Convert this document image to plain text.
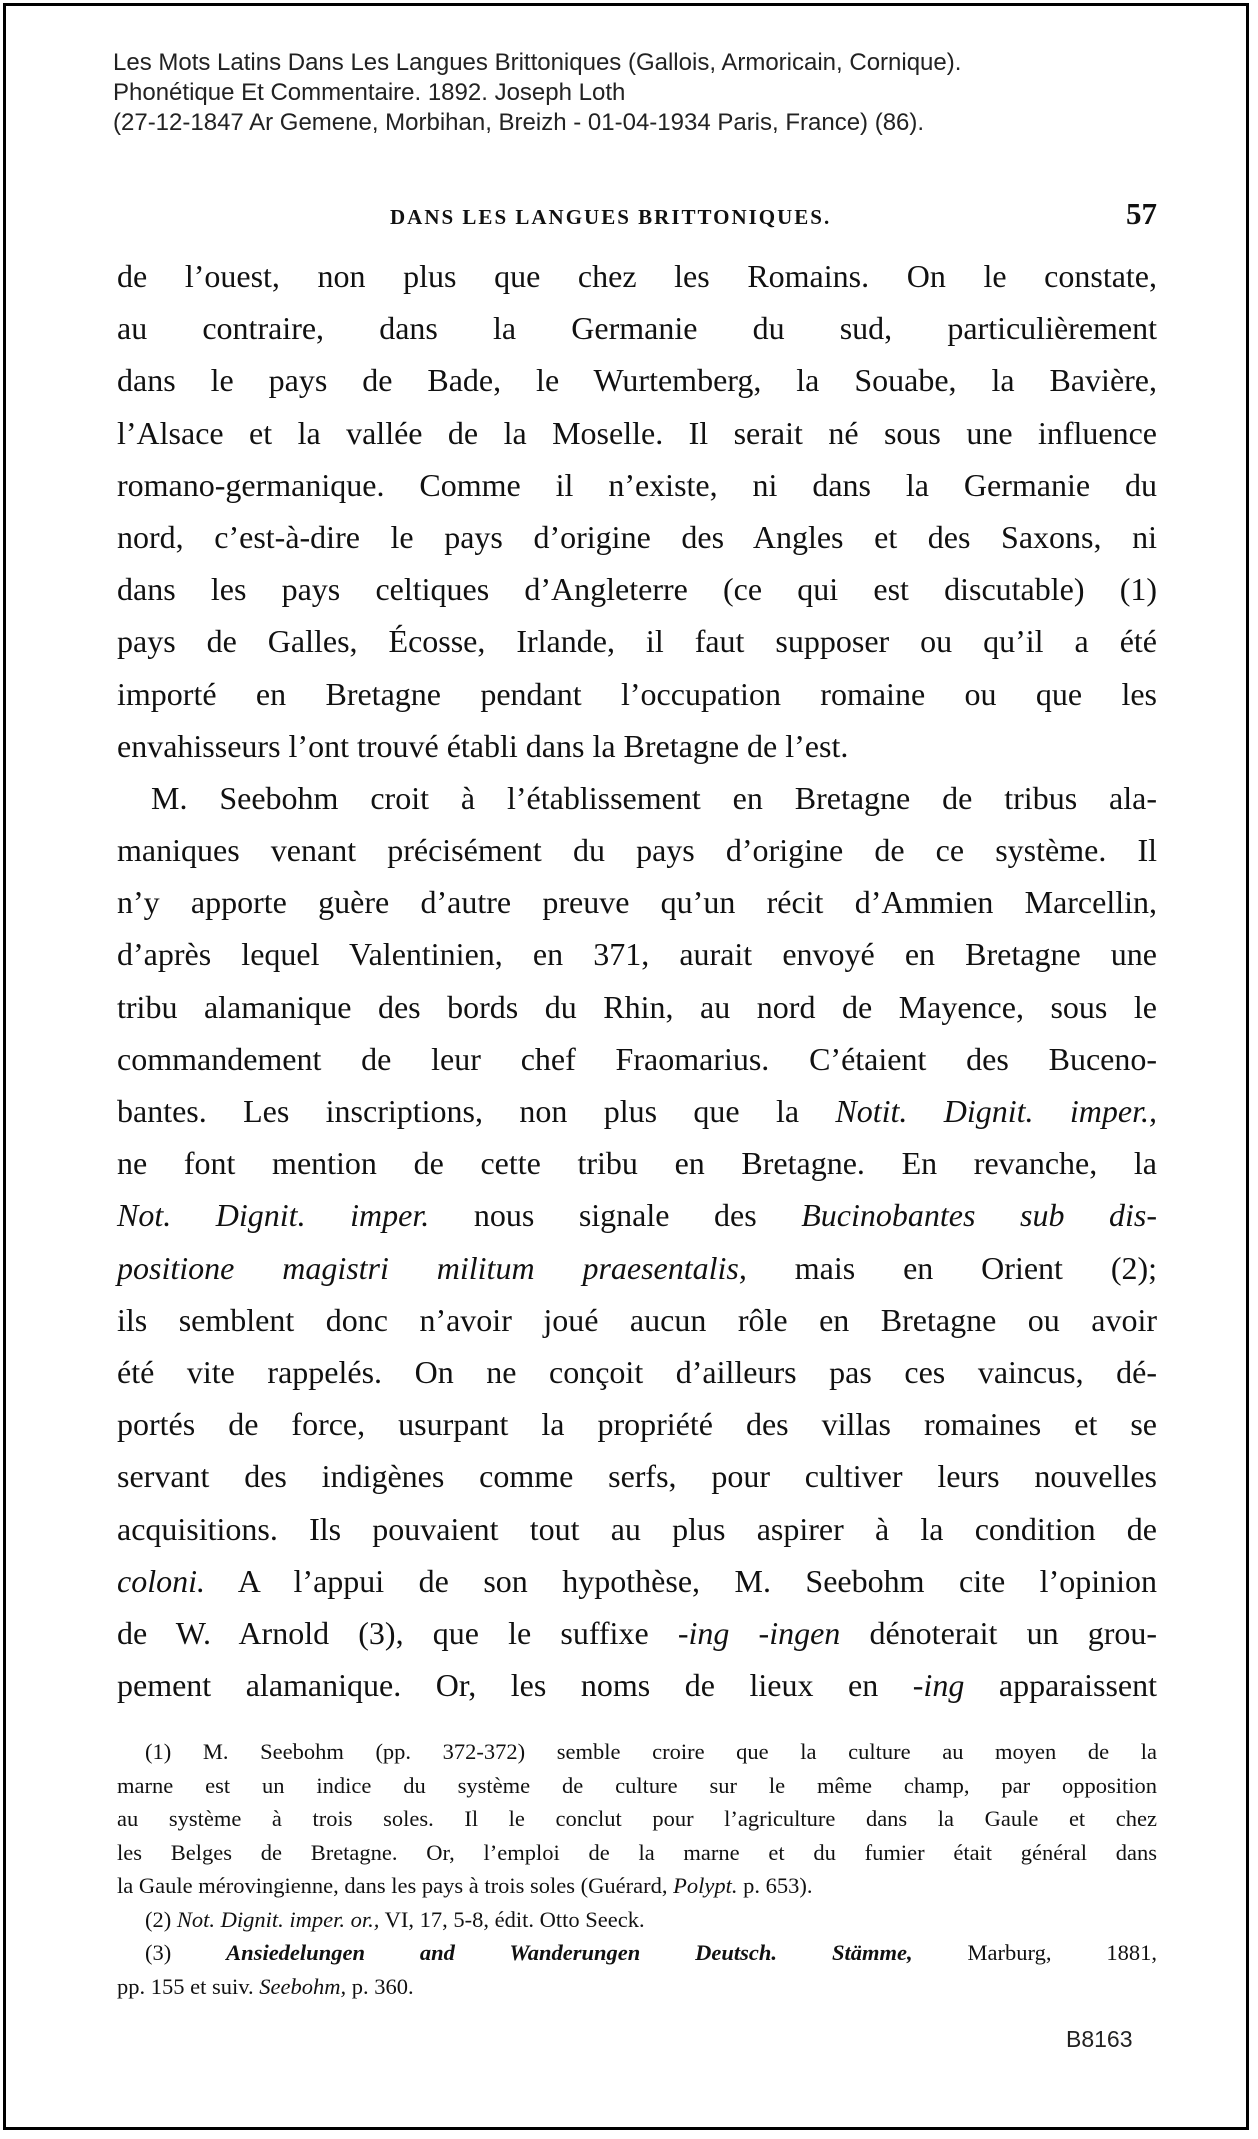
Les Mots Latins Dans Les Langues Brittoniques (Gallois, Armoricain, Cornique).
Phonétique Et Commentaire. 1892. Joseph Loth
(27-12-1847 Ar Gemene, Morbihan, Breizh - 01-04-1934 Paris, France) (86).
DANS LES LANGUES BRITTONIQUES.	57
de l’ouest, non plus que chez les Romains. On le constate,
au contraire, dans la Germanie du sud, particulièrement
dans le pays de Bade, le Wurtemberg, la Souabe, la Bavière,
l’Alsace et la vallée de la Moselle. Il serait né sous une influence
romano-germanique. Comme il n’existe, ni dans la Germanie du
nord, c’est-à-dire le pays d’origine des Angles et des Saxons, ni
dans les pays celtiques d’Angleterre (ce qui est discutable) (1)
pays de Galles, Écosse, Irlande, il faut supposer ou qu’il a été
importé en Bretagne pendant l’occupation romaine ou que les
envahisseurs l’ont trouvé établi dans la Bretagne de l’est.
M. Seebohm croit à l’établissement en Bretagne de tribus ala-
maniques venant précisément du pays d’origine de ce système. Il
n’y apporte guère d’autre preuve qu’un récit d’Ammien Marcellin,
d’après lequel Valentinien, en 371, aurait envoyé en Bretagne une
tribu alamanique des bords du Rhin, au nord de Mayence, sous le
commandement de leur chef Fraomarius. C’étaient des Buceno-
bantes. Les inscriptions, non plus que la Notit. Dignit. imper.,
ne font mention de cette tribu en Bretagne. En revanche, la
Not. Dignit. imper. nous signale des Bucinobantes sub dis-
positione magistri militum praesentalis, mais en Orient (2);
ils semblent donc n’avoir joué aucun rôle en Bretagne ou avoir
été vite rappelés. On ne conçoit d’ailleurs pas ces vaincus, dé-
portés de force, usurpant la propriété des villas romaines et se
servant des indigènes comme serfs, pour cultiver leurs nouvelles
acquisitions. Ils pouvaient tout au plus aspirer à la condition de
coloni. A l’appui de son hypothèse, M. Seebohm cite l’opinion
de W. Arnold (3), que le suffixe -ing -ingen dénoterait un grou-
pement alamanique. Or, les noms de lieux en -ing apparaissent
(1) M. Seebohm (pp. 372-372) semble croire que la culture au moyen de la
marne est un indice du système de culture sur le même champ, par opposition
au système à trois soles. Il le conclut pour l’agriculture dans la Gaule et chez
les Belges de Bretagne. Or, l’emploi de la marne et du fumier était général dans
la Gaule mérovingienne, dans les pays à trois soles (Guérard, Polypt. p. 653).
(2) Not. Dignit. imper. or., VI, 17, 5-8, édit. Otto Seeck.
(3) Ansiedelungen and Wanderungen Deutsch. Stämme, Marburg, 1881,
pp. 155 et suiv. Seebohm, p. 360.
B8163
